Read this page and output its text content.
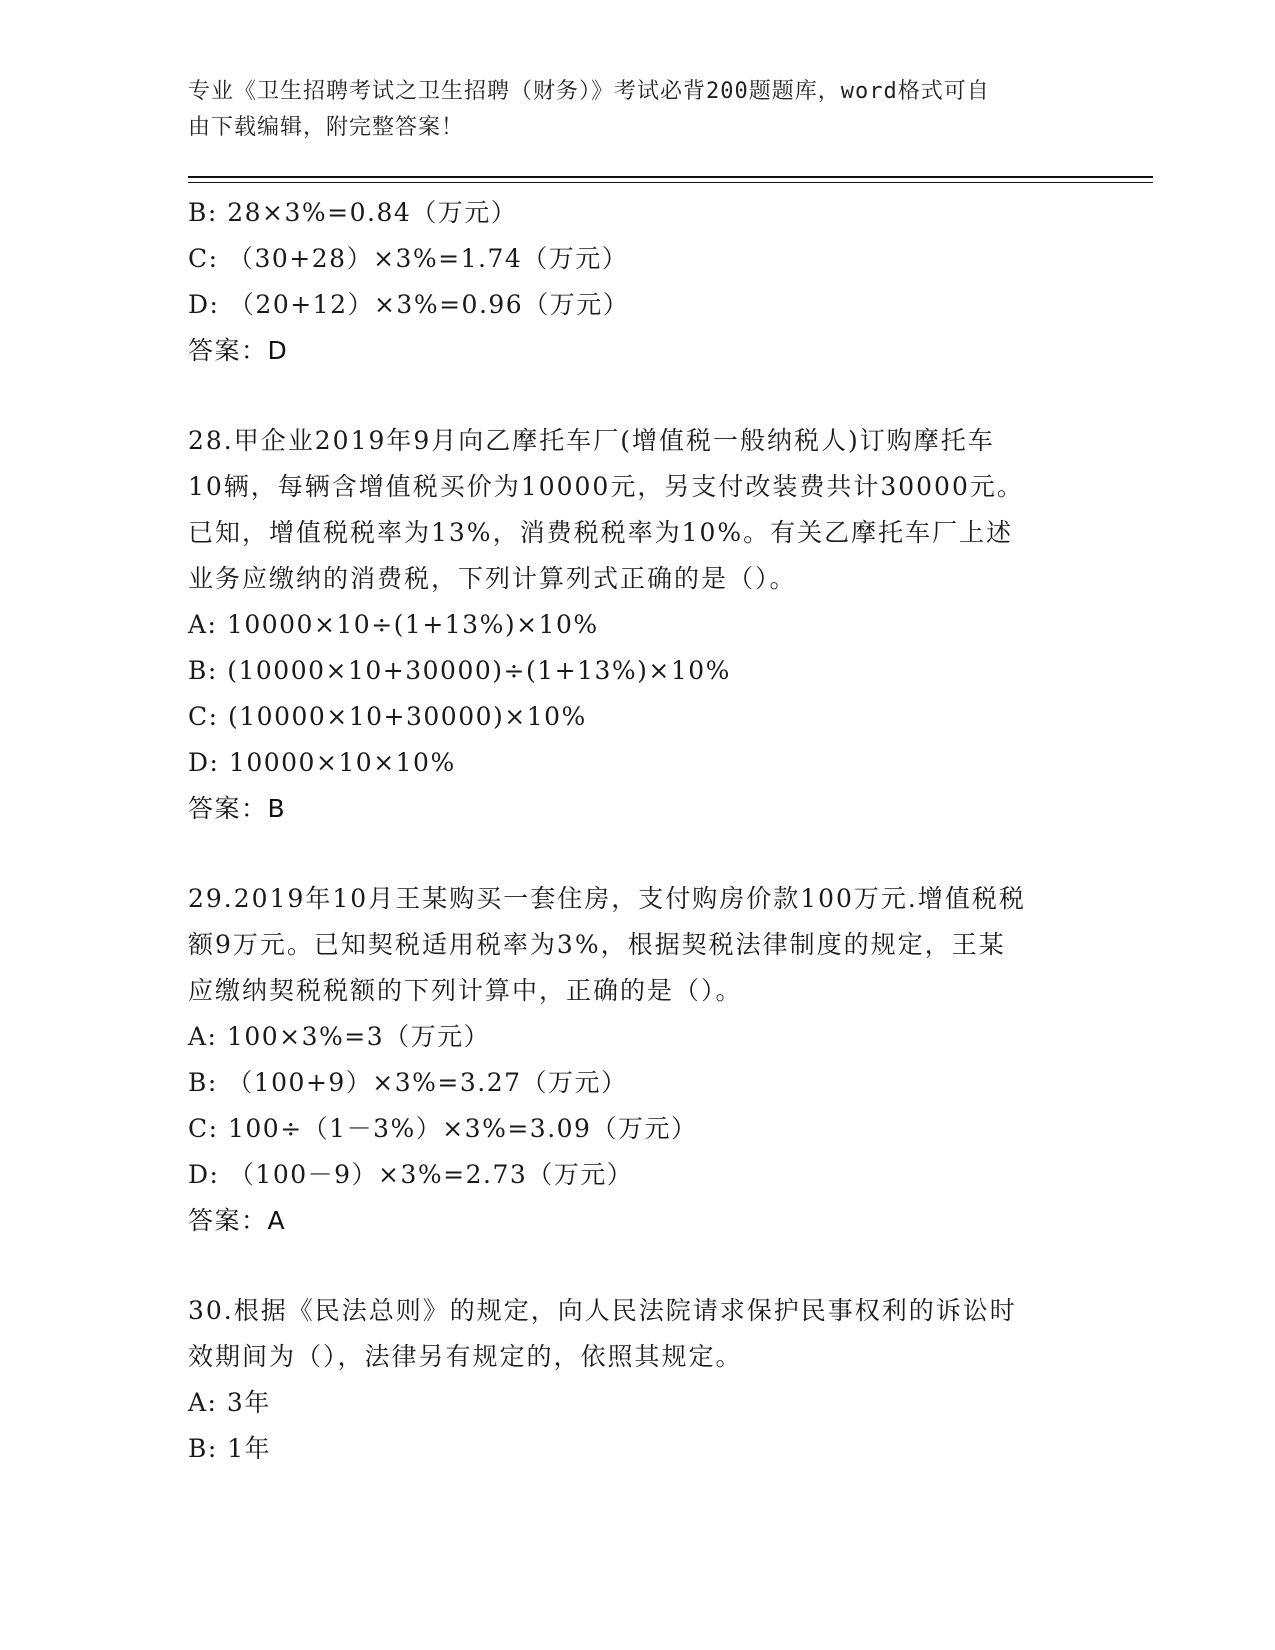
专业《卫生招聘考试之卫生招聘（财务）》考试必背200题题库，word格式可自
由下载编辑，附完整答案！
B: 28×3%=0.84（万元）
C: （30+28）×3%=1.74（万元）
D: （20+12）×3%=0.96（万元）
答案：D
28.甲企业2019年9月向乙摩托车厂(增值税一般纳税人)订购摩托车
10辆，每辆含增值税买价为10000元，另支付改装费共计30000元。
已知，增值税税率为13%，消费税税率为10%。有关乙摩托车厂上述
业务应缴纳的消费税，下列计算列式正确的是（）。
A: 10000×10÷(1+13%)×10%
B: (10000×10+30000)÷(1+13%)×10%
C: (10000×10+30000)×10%
D: 10000×10×10%
答案：B
29.2019年10月王某购买一套住房，支付购房价款100万元.增值税税
额9万元。已知契税适用税率为3%，根据契税法律制度的规定，王某
应缴纳契税税额的下列计算中，正确的是（）。
A: 100×3%=3（万元）
B: （100+9）×3%=3.27（万元）
C: 100÷（1－3%）×3%=3.09（万元）
D: （100－9）×3%=2.73（万元）
答案：A
30.根据《民法总则》的规定，向人民法院请求保护民事权利的诉讼时
效期间为（），法律另有规定的，依照其规定。
A: 3年
B: 1年
